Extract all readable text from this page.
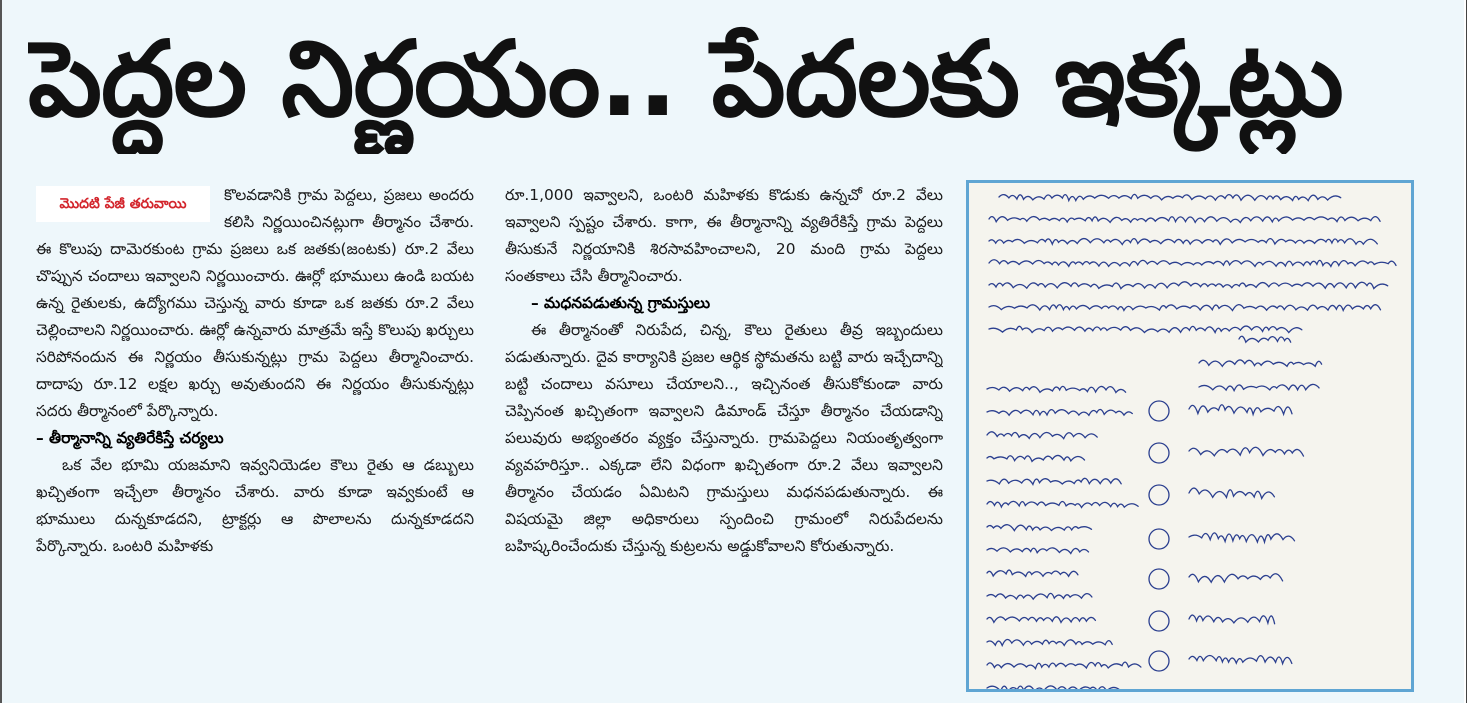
పెద్దల నిర్ణయం.. పేదలకు ఇక్కట్లు
మొదటి పేజీ తరువాయి	కొలవడానికి గ్రామ పెద్దలు, ప్రజలు అందరు కలిసి నిర్ణయించినట్లుగా తీర్మానం చేశారు. ఈ కొలుపు దామెరకుంట గ్రామ ప్రజలు ఒక జతకు(జంటకు) రూ.2 వేలు చొప్పున చందాలు ఇవ్వాలని నిర్ణయించారు. ఊర్లో భూములు ఉండి బయట ఉన్న రైతులకు, ఉద్యోగము చెస్తున్న వారు కూడా ఒక జతకు రూ.2 వేలు చెల్లించాలని నిర్ణయించారు. ఊర్లో ఉన్నవారు మాత్రమే ఇస్తే కొలుపు ఖర్చులు సరిపోనందున ఈ నిర్ణయం తీసుకున్నట్లు గ్రామ పెద్దలు తీర్మానించారు. దాదాపు రూ.12 లక్షల ఖర్చు అవుతుందని ఈ నిర్ణయం తీసుకున్నట్లు సదరు తీర్మానంలో పేర్కొన్నారు.

– తీర్మానాన్ని వ్యతిరేకిస్తే చర్యలు

ఒక వేల భూమి యజమాని ఇవ్వనియెడల కౌలు రైతు ఆ డబ్బులు ఖచ్చితంగా ఇచ్చేలా తీర్మానం చేశారు. వారు కూడా ఇవ్వకుంటే ఆ భూములు దున్నకూడదని, ట్రాక్టర్లు ఆ పొలాలను దున్నకూడదని పేర్కొన్నారు. ఒంటరి మహిళకు

రూ.1,000 ఇవ్వాలని, ఒంటరి మహిళకు కొడుకు ఉన్నచో రూ.2 వేలు ఇవ్వాలని స్పష్టం చేశారు. కాగా, ఈ తీర్మానాన్ని వ్యతిరేకిస్తే గ్రామ పెద్దలు తీసుకునే నిర్ణయానికి శిరసావహించాలని, 20 మంది గ్రామ పెద్దలు సంతకాలు చేసి తీర్మానించారు.

– మధనపడుతున్న గ్రామస్తులు

ఈ తీర్మానంతో నిరుపేద, చిన్న, కౌలు రైతులు తీవ్ర ఇబ్బందులు పడుతున్నారు. దైవ కార్యానికి ప్రజల ఆర్థిక స్థోమతను బట్టి వారు ఇచ్చేదాన్ని బట్టి చందాలు వసూలు చేయాలని.., ఇచ్చినంత తీసుకోకుండా వారు చెప్పినంత ఖచ్చితంగా ఇవ్వాలని డిమాండ్ చేస్తూ తీర్మానం చేయడాన్ని పలువురు అభ్యంతరం వ్యక్తం చేస్తున్నారు. గ్రామపెద్దలు నియంతృత్వంగా వ్యవహరిస్తూ.. ఎక్కడా లేని విధంగా ఖచ్చితంగా రూ.2 వేలు ఇవ్వాలని తీర్మానం చేయడం ఏమిటని గ్రామస్తులు మధనపడుతున్నారు. ఈ విషయమై జిల్లా అధికారులు స్పందించి గ్రామంలో నిరుపేదలను బహిష్కరించేందుకు చేస్తున్న కుట్రలను అడ్డుకోవాలని కోరుతున్నారు.
